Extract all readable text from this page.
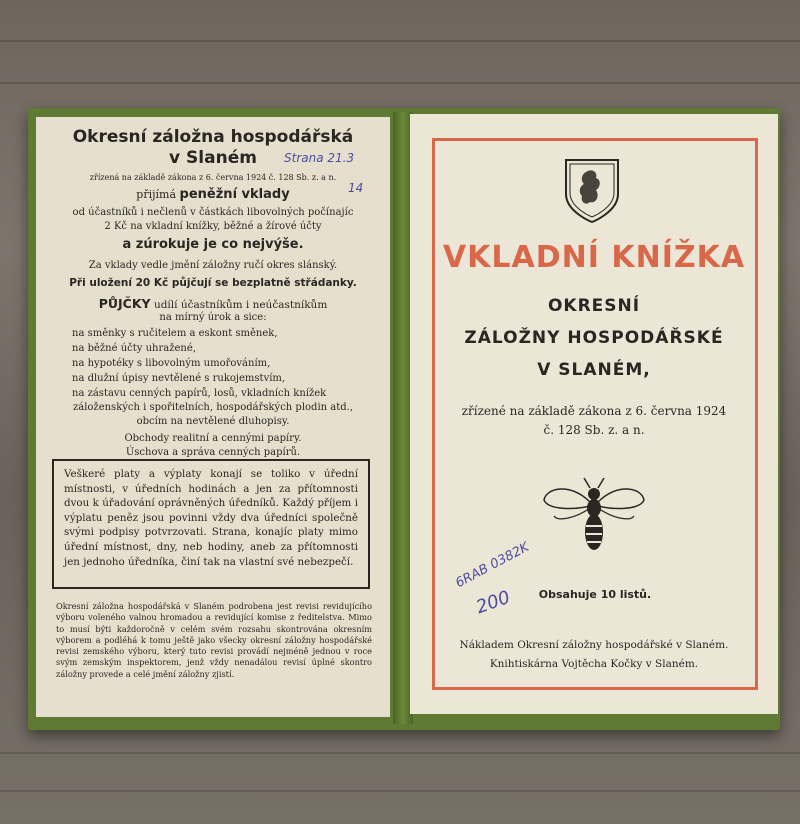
Okresní záložna hospodářská
v Slaném	Strana 21.3
14
zřízená na základě zákona z 6. června 1924 č. 128 Sb. z. a n.
přijímá peněžní vklady
od účastníků i nečlenů v částkách libovolných počínajíc
2 Kč na vkladní knížky, běžné a žírové účty
a zúrokuje je co nejvýše.
Za vklady vedle jmění záložny ručí okres slánský.
Při uložení 20 Kč půjčují se bezplatně střádanky.
PŮJČKY udílí účastníkům i neúčastníkům
na mírný úrok a sice:
na směnky s ručitelem a eskont směnek,
na běžné účty uhražené,
na hypotéky s libovolným umořováním,
na dlužní úpisy nevtělené s rukojemstvím,
na zástavu cenných papírů, losů, vkladních knížek
záloženských i spořitelních, hospodářských plodin atd.,
obcím na nevtělené dluhopisy.
Obchody realitní a cennými papíry.
Veškeré platy a výplaty konají se toliko v úřední místnosti, v úředních hodinách a jen za přítomnosti dvou k úřadování oprávněných úředníků. Každý příjem i výplatu peněz jsou povinni vždy dva úředníci společně svými podpisy potvrzovati. Strana, konajíc platy mimo úřední místnost, dny, neb hodiny, aneb za přítomnosti jen jednoho úředníka, činí tak na vlastní své nebezpečí.
Okresní záložna hospodářská v Slaném podrobena jest revisi revidujícího výboru voleného valnou hromadou a revidující komise z ředitelstva. Mimo to musí býti každoročně v celém svém rozsahu skontrována okresním výborem a podléhá k tomu ještě jako všecky okresní záložny hospodářské revisi zemského výboru, který tuto revisi provádí nejméně jednou v roce svým zemským inspektorem, jenž vždy nenadálou revisí úplné skontro záložny provede a celé jmění záložny zjistí.
Úschova a správa cenných papírů.
VKLADNÍ KNÍŽKA
OKRESNÍ
ZÁLOŽNY HOSPODÁŘSKÉ
V SLANÉM,
zřízené na základě zákona z 6. června 1924
č. 128 Sb. z. a n.
6RAB 0382K
200	Obsahuje 10 listů.
Nákladem Okresní záložny hospodářské v Slaném.
Knihtiskárna Vojtěcha Kočky v Slaném.
